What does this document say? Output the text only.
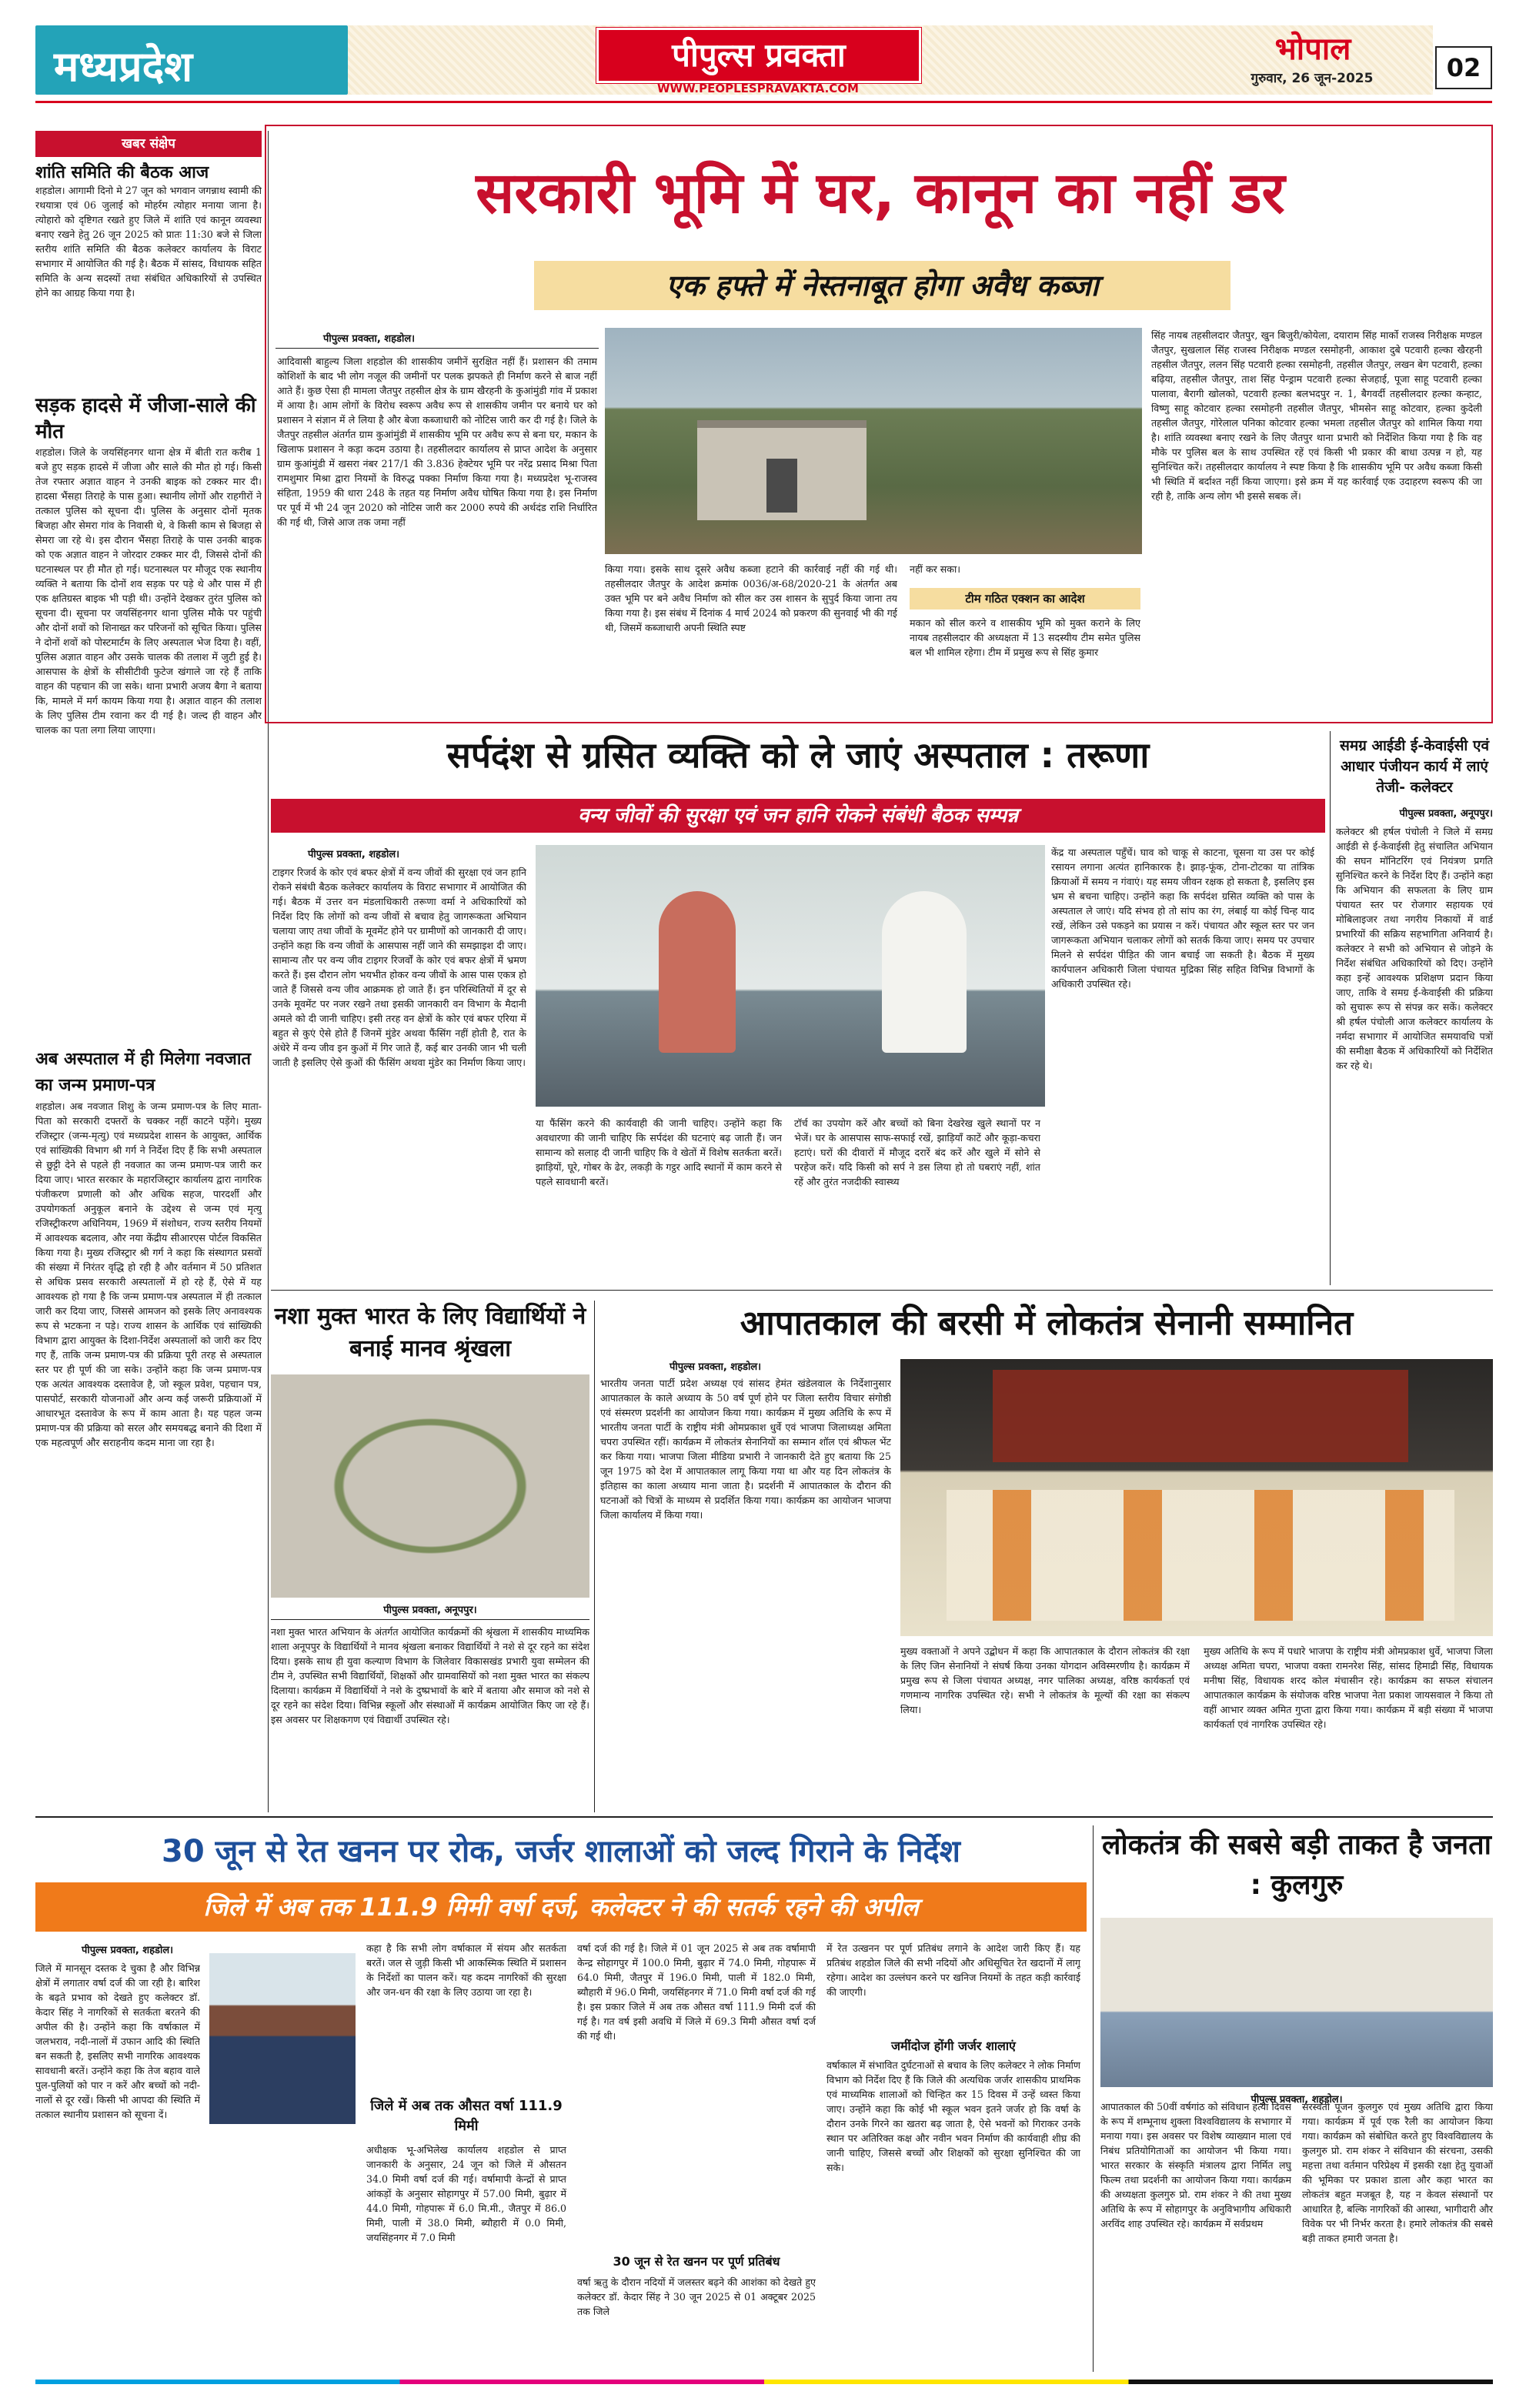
मध्यप्रदेश	पीपुल्स प्रवक्ता
WWW.PEOPLESPRAVAKTA.COM
भोपाल
गुरुवार, 26 जून-2025	02
खबर संक्षेप
शांति समिति की बैठक आज
शहडोल। आगामी दिनो मे 27 जून को भगवान जगन्नाथ स्वामी की रथयात्रा एवं 06 जुलाई को मोहर्रम त्योहार मनाया जाना है। त्योहारो को दृष्टिगत रखते हुए जिले में शांति एवं कानून व्यवस्था बनाए रखने हेतु 26 जून 2025 को प्रातः 11:30 बजे से जिला स्तरीय शांति समिति की बैठक कलेक्टर कार्यालय के विराट सभागार में आयोजित की गई है। बैठक में सांसद, विधायक सहित समिति के अन्य सदस्यों तथा संबंधित अधिकारियों से उपस्थित होने का आग्रह किया गया है।
सड़क हादसे में जीजा-साले की मौत
शहडोल। जिले के जयसिंहनगर थाना क्षेत्र में बीती रात करीब 1 बजे हुए सड़क हादसे में जीजा और साले की मौत हो गई। किसी तेज रफ्तार अज्ञात वाहन ने उनकी बाइक को टक्कर मार दी। हादसा भैंसहा तिराहे के पास हुआ। स्थानीय लोगों और राहगीरों ने तत्काल पुलिस को सूचना दी। पुलिस के अनुसार दोनों मृतक बिजहा और सेमरा गांव के निवासी थे, वे किसी काम से बिजहा से सेमरा जा रहे थे। इस दौरान भैंसहा तिराहे के पास उनकी बाइक को एक अज्ञात वाहन ने जोरदार टक्कर मार दी, जिससे दोनों की घटनास्थल पर ही मौत हो गई। घटनास्थल पर मौजूद एक स्थानीय व्यक्ति ने बताया कि दोनों शव सड़क पर पड़े थे और पास में ही एक क्षतिग्रस्त बाइक भी पड़ी थी। उन्होंने देखकर तुरंत पुलिस को सूचना दी। सूचना पर जयसिंहनगर थाना पुलिस मौके पर पहुंची और दोनों शवों को शिनाख्त कर परिजनों को सूचित किया। पुलिस ने दोनों शवों को पोस्टमार्टम के लिए अस्पताल भेज दिया है। वहीं, पुलिस अज्ञात वाहन और उसके चालक की तलाश में जुटी हुई है। आसपास के क्षेत्रों के सीसीटीवी फुटेज खंगाले जा रहे हैं ताकि वाहन की पहचान की जा सके। थाना प्रभारी अजय बैगा ने बताया कि, मामले में मर्ग कायम किया गया है। अज्ञात वाहन की तलाश के लिए पुलिस टीम रवाना कर दी गई है। जल्द ही वाहन और चालक का पता लगा लिया जाएगा।
अब अस्पताल में ही मिलेगा नवजात का जन्म प्रमाण-पत्र
शहडोल। अब नवजात शिशु के जन्म प्रमाण-पत्र के लिए माता-पिता को सरकारी दफ्तरों के चक्कर नहीं काटने पड़ेंगे। मुख्य रजिस्ट्रार (जन्म-मृत्यु) एवं मध्यप्रदेश शासन के आयुक्त, आर्थिक एवं सांख्यिकी विभाग श्री गर्ग ने निर्देश दिए हैं कि सभी अस्पताल से छुट्टी देने से पहले ही नवजात का जन्म प्रमाण-पत्र जारी कर दिया जाए। भारत सरकार के महारजिस्ट्रार कार्यालय द्वारा नागरिक पंजीकरण प्रणाली को और अधिक सहज, पारदर्शी और उपयोगकर्ता अनुकूल बनाने के उद्देश्य से जन्म एवं मृत्यु रजिस्ट्रीकरण अधिनियम, 1969 में संशोधन, राज्य स्तरीय नियमों में आवश्यक बदलाव, और नया केंद्रीय सीआरएस पोर्टल विकसित किया गया है। मुख्य रजिस्ट्रार श्री गर्ग ने कहा कि संस्थागत प्रसवों की संख्या में निरंतर वृद्धि हो रही है और वर्तमान में 50 प्रतिशत से अधिक प्रसव सरकारी अस्पतालों में हो रहे हैं, ऐसे में यह आवश्यक हो गया है कि जन्म प्रमाण-पत्र अस्पताल में ही तत्काल जारी कर दिया जाए, जिससे आमजन को इसके लिए अनावश्यक रूप से भटकना न पड़े। राज्य शासन के आर्थिक एवं सांख्यिकी विभाग द्वारा आयुक्त के दिशा-निर्देश अस्पतालों को जारी कर दिए गए हैं, ताकि जन्म प्रमाण-पत्र की प्रक्रिया पूरी तरह से अस्पताल स्तर पर ही पूर्ण की जा सके। उन्होंने कहा कि जन्म प्रमाण-पत्र एक अत्यंत आवश्यक दस्तावेज है, जो स्कूल प्रवेश, पहचान पत्र, पासपोर्ट, सरकारी योजनाओं और अन्य कई जरूरी प्रक्रियाओं में आधारभूत दस्तावेज के रूप में काम आता है। यह पहल जन्म प्रमाण-पत्र की प्रक्रिया को सरल और समयबद्ध बनाने की दिशा में एक महत्वपूर्ण और सराहनीय कदम माना जा रहा है।
सरकारी भूमि में घर, कानून का नहीं डर
एक हफ्ते में नेस्तनाबूत होगा अवैध कब्जा
पीपुल्स प्रवक्ता, शहडोल।
आदिवासी बाहुल्य जिला शहडोल की शासकीय जमीनें सुरक्षित नहीं हैं। प्रशासन की तमाम कोशिशों के बाद भी लोग नजूल की जमीनों पर पलक झपकते ही निर्माण करने से बाज नहीं आते हैं। कुछ ऐसा ही मामला जैतपुर तहसील क्षेत्र के ग्राम खैरहनी के कुआंमुंडी गांव में प्रकाश में आया है। आम लोगों के विरोध स्वरूप अवैध रूप से शासकीय जमीन पर बनाये घर को प्रशासन ने संज्ञान में ले लिया है और बेजा कब्जाधारी को नोटिस जारी कर दी गई है। जिले के जैतपुर तहसील अंतर्गत ग्राम कुआंमुंडी में शासकीय भूमि पर अवैध रूप से बना घर, मकान के खिलाफ प्रशासन ने कड़ा कदम उठाया है। तहसीलदार कार्यालय से प्राप्त आदेश के अनुसार ग्राम कुआंमुंडी में खसरा नंबर 217/1 की 3.836 हेक्टेयर भूमि पर नरेंद्र प्रसाद मिश्रा पिता रामशुमार मिश्रा द्वारा नियमों के विरुद्ध पक्का निर्माण किया गया है। मध्यप्रदेश भू-राजस्व संहिता, 1959 की धारा 248 के तहत यह निर्माण अवैध घोषित किया गया है। इस निर्माण पर पूर्व में भी 24 जून 2020 को नोटिस जारी कर 2000 रुपये की अर्थदंड राशि निर्धारित की गई थी, जिसे आज तक जमा नहीं
किया गया। इसके साथ दूसरे अवैध कब्जा हटाने की कार्रवाई नहीं की गई थी। तहसीलदार जैतपुर के आदेश क्रमांक 0036/अ-68/2020-21 के अंतर्गत अब उक्त भूमि पर बने अवैध निर्माण को सील कर उस शासन के सुपुर्द किया जाना तय किया गया है। इस संबंध में दिनांक 4 मार्च 2024 को प्रकरण की सुनवाई भी की गई थी, जिसमें कब्जाधारी अपनी स्थिति स्पष्ट
नहीं कर सका।
टीम गठित एक्शन का आदेश
मकान को सील करने व शासकीय भूमि को मुक्त कराने के लिए नायब तहसीलदार की अध्यक्षता में 13 सदस्यीय टीम समेत पुलिस बल भी शामिल रहेगा। टीम में प्रमुख रूप से सिंह कुमार
सिंह नायब तहसीलदार जैतपुर, खुन बिजुरी/कोयेला, दयाराम सिंह मार्को राजस्व निरीक्षक मण्डल जैतपुर, सुखलाल सिंह राजस्व निरीक्षक मण्डल रसमोहनी, आकाश दुबे पटवारी हल्का खैरहनी तहसील जैतपुर, ललन सिंह पटवारी हल्का रसमोहनी, तहसील जैतपुर, लखन बेग पटवारी, हल्का बढ़िया, तहसील जैतपुर, ताश सिंह पेन्ड्राम पटवारी हल्का सेजहाई, पूजा साहू पटवारी हल्का पालावा, बैरागी खोलको, पटवारी हल्का बलभदपुर न. 1, बैगवर्दी तहसीलदार हल्का कन्हाट, विष्णु साहू कोटवार हल्का रसमोहनी तहसील जैतपुर, भीमसेन साहू कोटवार, हल्का कुदेली तहसील जैतपुर, गोरेलाल पनिका कोटवार हल्का भमला तहसील जैतपुर को शामिल किया गया है। शांति व्यवस्था बनाए रखने के लिए जैतपुर थाना प्रभारी को निर्देशित किया गया है कि वह मौके पर पुलिस बल के साथ उपस्थित रहें एवं किसी भी प्रकार की बाधा उत्पन्न न हो, यह सुनिश्चित करें। तहसीलदार कार्यालय ने स्पष्ट किया है कि शासकीय भूमि पर अवैध कब्जा किसी भी स्थिति में बर्दाश्त नहीं किया जाएगा। इसे क्रम में यह कार्रवाई एक उदाहरण स्वरूप की जा रही है, ताकि अन्य लोग भी इससे सबक लें।
सर्पदंश से ग्रसित व्यक्ति को ले जाएं अस्पताल : तरूणा
वन्य जीवों की सुरक्षा एवं जन हानि रोकने संबंधी बैठक सम्पन्न
पीपुल्स प्रवक्ता, शहडोल।
टाइगर रिजर्व के कोर एवं बफर क्षेत्रों में वन्य जीवों की सुरक्षा एवं जन हानि रोकने संबंधी बैठक कलेक्टर कार्यालय के विराट सभागार में आयोजित की गई। बैठक में उत्तर वन मंडलाधिकारी तरूणा वर्मा ने अधिकारियों को निर्देश दिए कि लोगों को वन्य जीवों से बचाव हेतु जागरूकता अभियान चलाया जाए तथा जीवों के मूवमेंट होने पर ग्रामीणों को जानकारी दी जाए। उन्होंने कहा कि वन्य जीवों के आसपास नहीं जाने की समझाइश दी जाए। सामान्य तौर पर वन्य जीव टाइगर रिजर्वों के कोर एवं बफर क्षेत्रों में भ्रमण करते हैं। इस दौरान लोग भयभीत होकर वन्य जीवों के आस पास एकत्र हो जाते हैं जिससे वन्य जीव आक्रमक हो जाते हैं। इन परिस्थितियों में दूर से उनके मूवमेंट पर नजर रखने तथा इसकी जानकारी वन विभाग के मैदानी अमले को दी जानी चाहिए। इसी तरह वन क्षेत्रों के कोर एवं बफर एरिया में बहुत से कुएं ऐसे होते हैं जिनमें मुंडेर अथवा फैंसिंग नहीं होती है, रात के अंधेरे में वन्य जीव इन कुओं में गिर जाते हैं, कई बार उनकी जान भी चली जाती है इसलिए ऐसे कुओं की फैंसिंग अथवा मुंडेर का निर्माण किया जाए।
या फैंसिंग करने की कार्यवाही की जानी चाहिए। उन्होंने कहा कि अवधारणा की जानी चाहिए कि सर्पदंश की घटनाएं बढ़ जाती हैं। जन सामान्य को सलाह दी जानी चाहिए कि वे खेतों में विशेष सतर्कता बरतें। झाड़ियों, घूरे, गोबर के ढेर, लकड़ी के गट्ठर आदि स्थानों में काम करने से पहले सावधानी बरतें।
टॉर्च का उपयोग करें और बच्चों को बिना देखरेख खुले स्थानों पर न भेजें। घर के आसपास साफ-सफाई रखें, झाड़ियाँ काटें और कूड़ा-कचरा हटाएं। घरों की दीवारों में मौजूद दरारें बंद करें और खुले में सोने से परहेज करें। यदि किसी को सर्प ने डस लिया हो तो घबराएं नहीं, शांत रहें और तुरंत नजदीकी स्वास्थ्य
केंद्र या अस्पताल पहुँचें। घाव को चाकू से काटना, चूसना या उस पर कोई रसायन लगाना अत्यंत हानिकारक है। झाड़-फूंक, टोना-टोटका या तांत्रिक क्रियाओं में समय न गंवाएं। यह समय जीवन रक्षक हो सकता है, इसलिए इस भ्रम से बचना चाहिए। उन्होंने कहा कि सर्पदंश ग्रसित व्यक्ति को पास के अस्पताल ले जाएं। यदि संभव हो तो सांप का रंग, लंबाई या कोई चिन्ह याद रखें, लेकिन उसे पकड़ने का प्रयास न करें। पंचायत और स्कूल स्तर पर जन जागरूकता अभियान चलाकर लोगों को सतर्क किया जाए। समय पर उपचार मिलने से सर्पदंश पीड़ित की जान बचाई जा सकती है। बैठक में मुख्य कार्यपालन अधिकारी जिला पंचायत मुद्रिका सिंह सहित विभिन्न विभागों के अधिकारी उपस्थित रहे।
समग्र आईडी ई-केवाईसी एवं आधार पंजीयन कार्य में लाएं तेजी- कलेक्टर
पीपुल्स प्रवक्ता, अनूपपुर।
कलेक्टर श्री हर्षल पंचोली ने जिले में समग्र आईडी से ई-केवाईसी हेतु संचालित अभियान की सघन मॉनिटरिंग एवं नियंत्रण प्रगति सुनिश्चित करने के निर्देश दिए हैं। उन्होंने कहा कि अभियान की सफलता के लिए ग्राम पंचायत स्तर पर रोजगार सहायक एवं मोबिलाइजर तथा नगरीय निकायों में वार्ड प्रभारियों की सक्रिय सहभागिता अनिवार्य है। कलेक्टर ने सभी को अभियान से जोड़ने के निर्देश संबंधित अधिकारियों को दिए। उन्होंने कहा इन्हें आवश्यक प्रशिक्षण प्रदान किया जाए, ताकि वे समग्र ई-केवाईसी की प्रक्रिया को सुचारू रूप से संपन्न कर सकें। कलेक्टर श्री हर्षल पंचोली आज कलेक्टर कार्यालय के नर्मदा सभागार में आयोजित समयावधि पत्रों की समीक्षा बैठक में अधिकारियों को निर्देशित कर रहे थे।
नशा मुक्त भारत के लिए विद्यार्थियों ने बनाई मानव श्रृंखला
पीपुल्स प्रवक्ता, अनूपपुर।
नशा मुक्त भारत अभियान के अंतर्गत आयोजित कार्यक्रमों की श्रृंखला में शासकीय माध्यमिक शाला अनूपपुर के विद्यार्थियों ने मानव श्रृंखला बनाकर विद्यार्थियों ने नशे से दूर रहने का संदेश दिया। इसके साथ ही युवा कल्याण विभाग के जिलेवार विकासखंड प्रभारी युवा सम्मेलन की टीम ने, उपस्थित सभी विद्यार्थियों, शिक्षकों और ग्रामवासियों को नशा मुक्त भारत का संकल्प दिलाया। कार्यक्रम में विद्यार्थियों ने नशे के दुष्प्रभावों के बारे में बताया और समाज को नशे से दूर रहने का संदेश दिया। विभिन्न स्कूलों और संस्थाओं में कार्यक्रम आयोजित किए जा रहे हैं। इस अवसर पर शिक्षकगण एवं विद्यार्थी उपस्थित रहे।
आपातकाल की बरसी में लोकतंत्र सेनानी सम्मानित
पीपुल्स प्रवक्ता, शहडोल।
भारतीय जनता पार्टी प्रदेश अध्यक्ष एवं सांसद हेमंत खंडेलवाल के निर्देशानुसार आपातकाल के काले अध्याय के 50 वर्ष पूर्ण होने पर जिला स्तरीय विचार संगोष्ठी एवं संस्मरण प्रदर्शनी का आयोजन किया गया। कार्यक्रम में मुख्य अतिथि के रूप में भारतीय जनता पार्टी के राष्ट्रीय मंत्री ओमप्रकाश धुर्वे एवं भाजपा जिलाध्यक्ष अमिता चपरा उपस्थित रहीं। कार्यक्रम में लोकतंत्र सेनानियों का सम्मान शॉल एवं श्रीफल भेंट कर किया गया। भाजपा जिला मीडिया प्रभारी ने जानकारी देते हुए बताया कि 25 जून 1975 को देश में आपातकाल लागू किया गया था और यह दिन लोकतंत्र के इतिहास का काला अध्याय माना जाता है। प्रदर्शनी में आपातकाल के दौरान की घटनाओं को चित्रों के माध्यम से प्रदर्शित किया गया। कार्यक्रम का आयोजन भाजपा जिला कार्यालय में किया गया।
मुख्य वक्ताओं ने अपने उद्बोधन में कहा कि आपातकाल के दौरान लोकतंत्र की रक्षा के लिए जिन सेनानियों ने संघर्ष किया उनका योगदान अविस्मरणीय है। कार्यक्रम में प्रमुख रूप से जिला पंचायत अध्यक्ष, नगर पालिका अध्यक्ष, वरिष्ठ कार्यकर्ता एवं गणमान्य नागरिक उपस्थित रहे। सभी ने लोकतंत्र के मूल्यों की रक्षा का संकल्प लिया।
मुख्य अतिथि के रूप में पधारे भाजपा के राष्ट्रीय मंत्री ओमप्रकाश धुर्वे, भाजपा जिला अध्यक्ष अमिता चपरा, भाजपा वक्ता रामनरेश सिंह, सांसद हिमाद्री सिंह, विधायक मनीषा सिंह, विधायक शरद कोल मंचासीन रहे। कार्यक्रम का सफल संचालन आपातकाल कार्यक्रम के संयोजक वरिष्ठ भाजपा नेता प्रकाश जायसवाल ने किया तो वहीं आभार व्यक्त अमित गुप्ता द्वारा किया गया। कार्यक्रम में बड़ी संख्या में भाजपा कार्यकर्ता एवं नागरिक उपस्थित रहे।
30 जून से रेत खनन पर रोक, जर्जर शालाओं को जल्द गिराने के निर्देश
जिले में अब तक 111.9 मिमी वर्षा दर्ज, कलेक्टर ने की सतर्क रहने की अपील
पीपुल्स प्रवक्ता, शहडोल।
जिले में मानसून दस्तक दे चुका है और विभिन्न क्षेत्रों में लगातार वर्षा दर्ज की जा रही है। बारिश के बढ़ते प्रभाव को देखते हुए कलेक्टर डॉ. केदार सिंह ने नागरिकों से सतर्कता बरतने की अपील की है। उन्होंने कहा कि वर्षाकाल में जलभराव, नदी-नालों में उफान आदि की स्थिति बन सकती है, इसलिए सभी नागरिक आवश्यक सावधानी बरतें। उन्होंने कहा कि तेज बहाव वाले पुल-पुलियों को पार न करें और बच्चों को नदी-नालों से दूर रखें। किसी भी आपदा की स्थिति में तत्काल स्थानीय प्रशासन को सूचना दें।
कहा है कि सभी लोग वर्षाकाल में संयम और सतर्कता बरतें। जल से जुड़ी किसी भी आकस्मिक स्थिति में प्रशासन के निर्देशों का पालन करें। यह कदम नागरिकों की सुरक्षा और जन-धन की रक्षा के लिए उठाया जा रहा है।
जिले में अब तक औसत वर्षा 111.9 मिमी
अधीक्षक भू-अभिलेख कार्यालय शहडोल से प्राप्त जानकारी के अनुसार, 24 जून को जिले में औसतन 34.0 मिमी वर्षा दर्ज की गई। वर्षामापी केन्द्रों से प्राप्त आंकड़ों के अनुसार सोहागपुर में 57.00 मिमी, बुढ़ार में 44.0 मिमी, गोहपारू में 6.0 मि.मी., जैतपुर में 86.0 मिमी, पाली में 38.0 मिमी, ब्यौहारी में 0.0 मिमी, जयसिंहनगर में 7.0 मिमी
वर्षा दर्ज की गई है। जिले में 01 जून 2025 से अब तक वर्षामापी केन्द्र सोहागपुर में 100.0 मिमी, बुढ़ार में 74.0 मिमी, गोहपारू में 64.0 मिमी, जैतपुर में 196.0 मिमी, पाली में 182.0 मिमी, ब्यौहारी में 96.0 मिमी, जयसिंहनगर में 71.0 मिमी वर्षा दर्ज की गई है। इस प्रकार जिले में अब तक औसत वर्षा 111.9 मिमी दर्ज की गई है। गत वर्ष इसी अवधि में जिले में 69.3 मिमी औसत वर्षा दर्ज की गई थी।
30 जून से रेत खनन पर पूर्ण प्रतिबंध
वर्षा ऋतु के दौरान नदियों में जलस्तर बढ़ने की आशंका को देखते हुए कलेक्टर डॉ. केदार सिंह ने 30 जून 2025 से 01 अक्टूबर 2025 तक जिले
में रेत उत्खनन पर पूर्ण प्रतिबंध लगाने के आदेश जारी किए हैं। यह प्रतिबंध शहडोल जिले की सभी नदियों और अधिसूचित रेत खदानों में लागू रहेगा। आदेश का उल्लंघन करने पर खनिज नियमों के तहत कड़ी कार्रवाई की जाएगी।
जमींदोज होंगी जर्जर शालाएं
वर्षाकाल में संभावित दुर्घटनाओं से बचाव के लिए कलेक्टर ने लोक निर्माण विभाग को निर्देश दिए हैं कि जिले की अत्यधिक जर्जर शासकीय प्राथमिक एवं माध्यमिक शालाओं को चिन्हित कर 15 दिवस में उन्हें ध्वस्त किया जाए। उन्होंने कहा कि कोई भी स्कूल भवन इतने जर्जर हो कि वर्षा के दौरान उनके गिरने का खतरा बढ़ जाता है, ऐसे भवनों को गिराकर उनके स्थान पर अतिरिक्त कक्ष और नवीन भवन निर्माण की कार्यवाही शीघ्र की जानी चाहिए, जिससे बच्चों और शिक्षकों को सुरक्षा सुनिश्चित की जा सके।
लोकतंत्र की सबसे बड़ी ताकत है जनता : कुलगुरु
पीपुल्स प्रवक्ता, शहडोल।
आपातकाल की 50वीं वर्षगांठ को संविधान हत्या दिवस के रूप में शम्भूनाथ शुक्ला विश्वविद्यालय के सभागार में मनाया गया। इस अवसर पर विशेष व्याख्यान माला एवं निबंध प्रतियोगिताओं का आयोजन भी किया गया। भारत सरकार के संस्कृति मंत्रालय द्वारा निर्मित लघु फिल्म तथा प्रदर्शनी का आयोजन किया गया। कार्यक्रम की अध्यक्षता कुलगुरु प्रो. राम शंकर ने की तथा मुख्य अतिथि के रूप में सोहागपुर के अनुविभागीय अधिकारी अरविंद शाह उपस्थित रहे। कार्यक्रम में सर्वप्रथम
सरस्वती पूजन कुलगुरु एवं मुख्य अतिथि द्वारा किया गया। कार्यक्रम में पूर्व एक रैली का आयोजन किया गया। कार्यक्रम को संबोधित करते हुए विश्वविद्यालय के कुलगुरु प्रो. राम शंकर ने संविधान की संरचना, उसकी महत्ता तथा वर्तमान परिप्रेक्ष्य में इसकी रक्षा हेतु युवाओं की भूमिका पर प्रकाश डाला और कहा भारत का लोकतंत्र बहुत मजबूत है, यह न केवल संस्थानों पर आधारित है, बल्कि नागरिकों की आस्था, भागीदारी और विवेक पर भी निर्भर करता है। हमारे लोकतंत्र की सबसे बड़ी ताकत हमारी जनता है।
